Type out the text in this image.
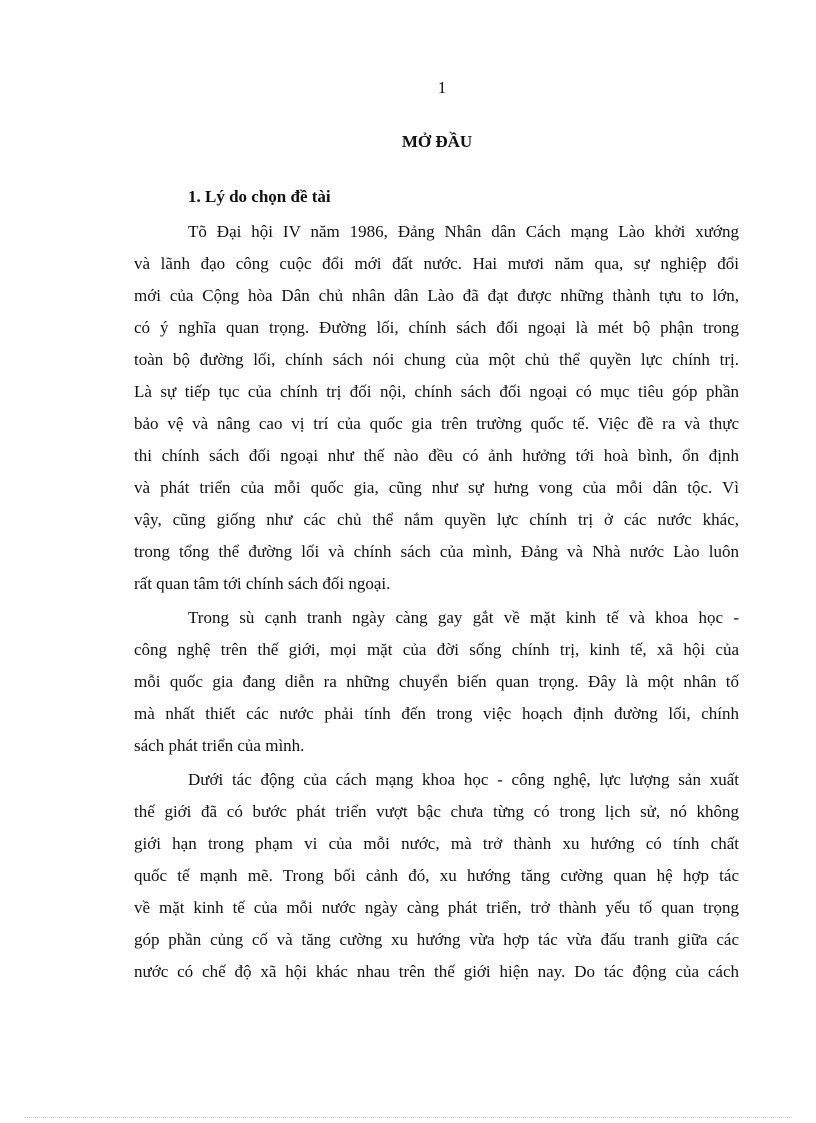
1
MỞ ĐẦU
1. Lý do chọn đề tài

Tõ Đại hội IV năm 1986, Đảng Nhân dân Cách mạng Lào khởi xướng
và lãnh đạo công cuộc đổi mới đất nước. Hai mươi năm qua, sự nghiệp đổi
mới của Cộng hòa Dân chủ nhân dân Lào đã đạt được những thành tựu to lớn,
có ý nghĩa quan trọng. Đường lối, chính sách đối ngoại là mét bộ phận trong
toàn bộ đường lối, chính sách nói chung của một chủ thể quyền lực chính trị.
Là sự tiếp tục của chính trị đối nội, chính sách đối ngoại có mục tiêu góp phần
bảo vệ và nâng cao vị trí của quốc gia trên trường quốc tế. Việc đề ra và thực
thi chính sách đối ngoại như thế nào đều có ảnh hưởng tới hoà bình, ổn định
và phát triển của mỗi quốc gia, cũng như sự hưng vong của mỗi dân tộc. Vì
vậy, cũng giống như các chủ thể nắm quyền lực chính trị ở các nước khác,
trong tổng thể đường lối và chính sách của mình, Đảng và Nhà nước Lào luôn
rất quan tâm tới chính sách đối ngoại.

Trong sù cạnh tranh ngày càng gay gắt về mặt kinh tế và khoa học -
công nghệ trên thế giới, mọi mặt của đời sống chính trị, kinh tế, xã hội của
mỗi quốc gia đang diễn ra những chuyển biến quan trọng. Đây là một nhân tố
mà nhất thiết các nước phải tính đến trong việc hoạch định đường lối, chính
sách phát triển của mình.

Dưới tác động của cách mạng khoa học - công nghệ, lực lượng sản xuất
thế giới đã có bước phát triển vượt bậc chưa từng có trong lịch sử, nó không
giới hạn trong phạm vi của mỗi nước, mà trở thành xu hướng có tính chất
quốc tế mạnh mẽ. Trong bối cảnh đó, xu hướng tăng cường quan hệ hợp tác
về mặt kinh tế của mỗi nước ngày càng phát triển, trở thành yếu tố quan trọng
góp phần củng cố và tăng cường xu hướng vừa hợp tác vừa đấu tranh giữa các
nước có chế độ xã hội khác nhau trên thế giới hiện nay. Do tác động của cách
